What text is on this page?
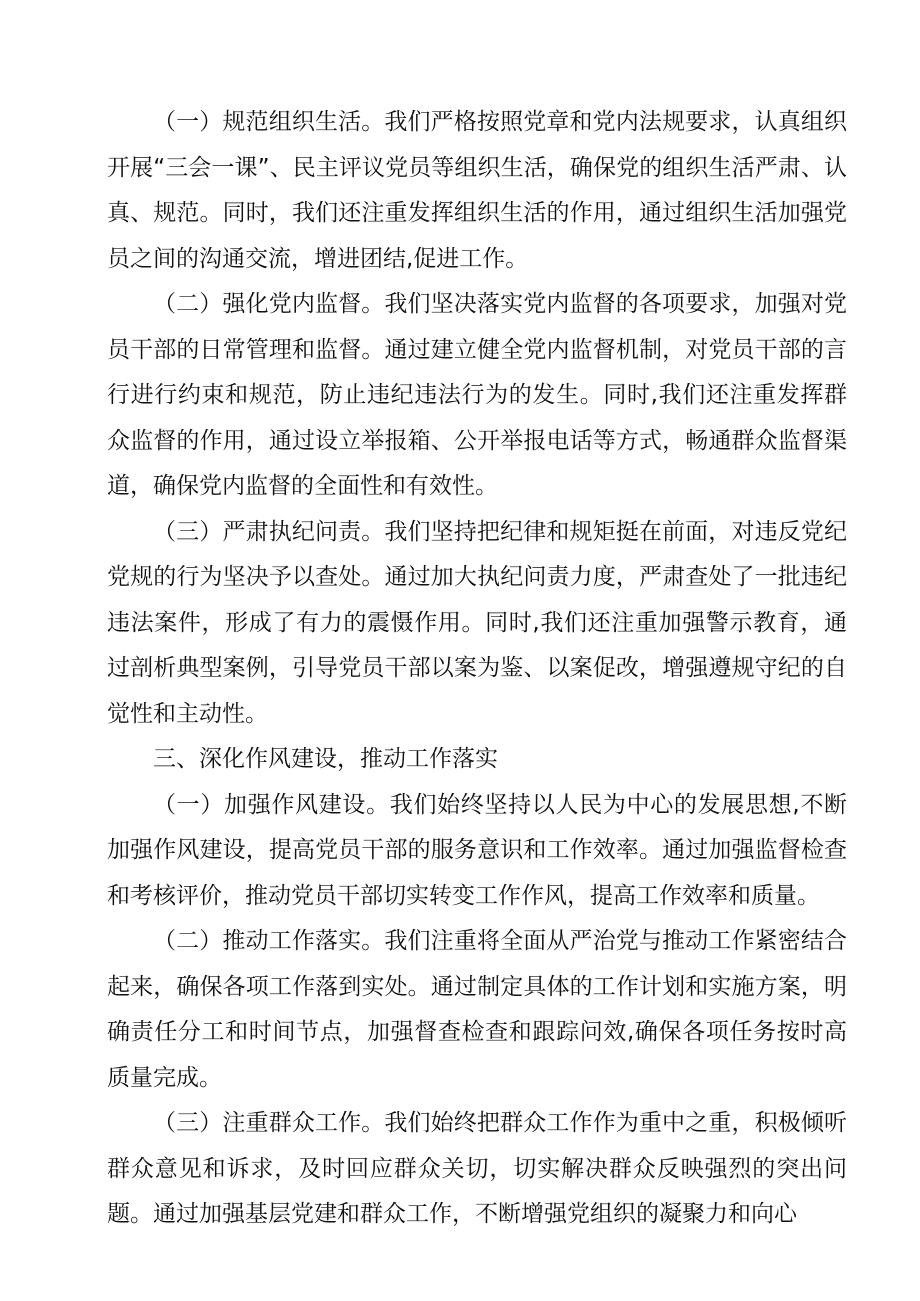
（一）规范组织生活。我们严格按照党章和党内法规要求，认真组织开展“三会一课”、民主评议党员等组织生活，确保党的组织生活严肃、认真、规范。同时，我们还注重发挥组织生活的作用，通过组织生活加强党员之间的沟通交流，增进团结,促进工作。

（二）强化党内监督。我们坚决落实党内监督的各项要求，加强对党员干部的日常管理和监督。通过建立健全党内监督机制，对党员干部的言行进行约束和规范，防止违纪违法行为的发生。同时,我们还注重发挥群众监督的作用，通过设立举报箱、公开举报电话等方式，畅通群众监督渠道，确保党内监督的全面性和有效性。

（三）严肃执纪问责。我们坚持把纪律和规矩挺在前面，对违反党纪党规的行为坚决予以查处。通过加大执纪问责力度，严肃查处了一批违纪违法案件，形成了有力的震慑作用。同时,我们还注重加强警示教育，通过剖析典型案例，引导党员干部以案为鉴、以案促改，增强遵规守纪的自觉性和主动性。

三、深化作风建设，推动工作落实

（一）加强作风建设。我们始终坚持以人民为中心的发展思想,不断加强作风建设，提高党员干部的服务意识和工作效率。通过加强监督检查和考核评价，推动党员干部切实转变工作作风，提高工作效率和质量。

（二）推动工作落实。我们注重将全面从严治党与推动工作紧密结合起来，确保各项工作落到实处。通过制定具体的工作计划和实施方案，明确责任分工和时间节点，加强督查检查和跟踪问效,确保各项任务按时高质量完成。

（三）注重群众工作。我们始终把群众工作作为重中之重，积极倾听群众意见和诉求，及时回应群众关切，切实解决群众反映强烈的突出问题。通过加强基层党建和群众工作，不断增强党组织的凝聚力和向心
